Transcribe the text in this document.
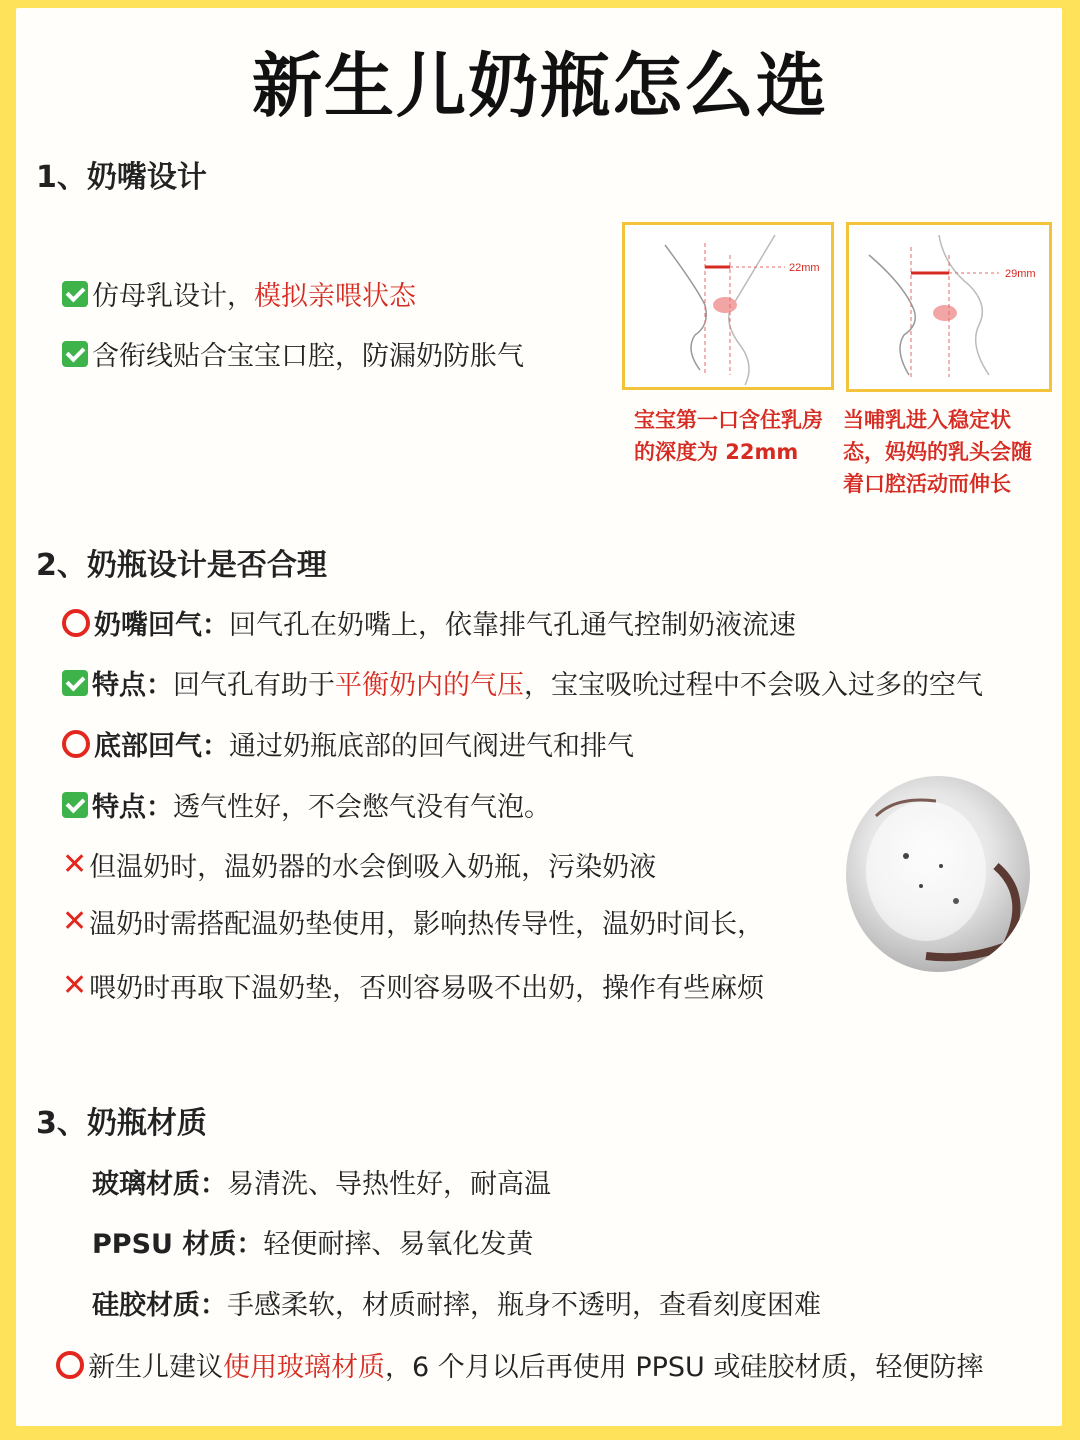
新生儿奶瓶怎么选
1、奶嘴设计
仿母乳设计， 模拟亲喂状态
含衔线贴合宝宝口腔，防漏奶防胀气
22mm	29mm
宝宝第一口含住乳房
的深度为 22mm
当哺乳进入稳定状
态，妈妈的乳头会随
着口腔活动而伸长
2、奶瓶设计是否合理
奶嘴回气： 回气孔在奶嘴上，依靠排气孔通气控制奶液流速
特点： 回气孔有助于 平衡奶内的气压 ，宝宝吸吮过程中不会吸入过多的空气
底部回气： 通过奶瓶底部的回气阀进气和排气
特点： 透气性好，不会憋气没有气泡。
✕ 但温奶时，温奶器的水会倒吸入奶瓶，污染奶液
✕ 温奶时需搭配温奶垫使用，影响热传导性，温奶时间长，
✕ 喂奶时再取下温奶垫，否则容易吸不出奶，操作有些麻烦
3、奶瓶材质
玻璃材质： 易清洗、导热性好，耐高温
PPSU 材质： 轻便耐摔、易氧化发黄
硅胶材质： 手感柔软，材质耐摔，瓶身不透明，查看刻度困难
新生儿建议 使用玻璃材质 ，6 个月以后再使用 PPSU 或硅胶材质，轻便防摔
